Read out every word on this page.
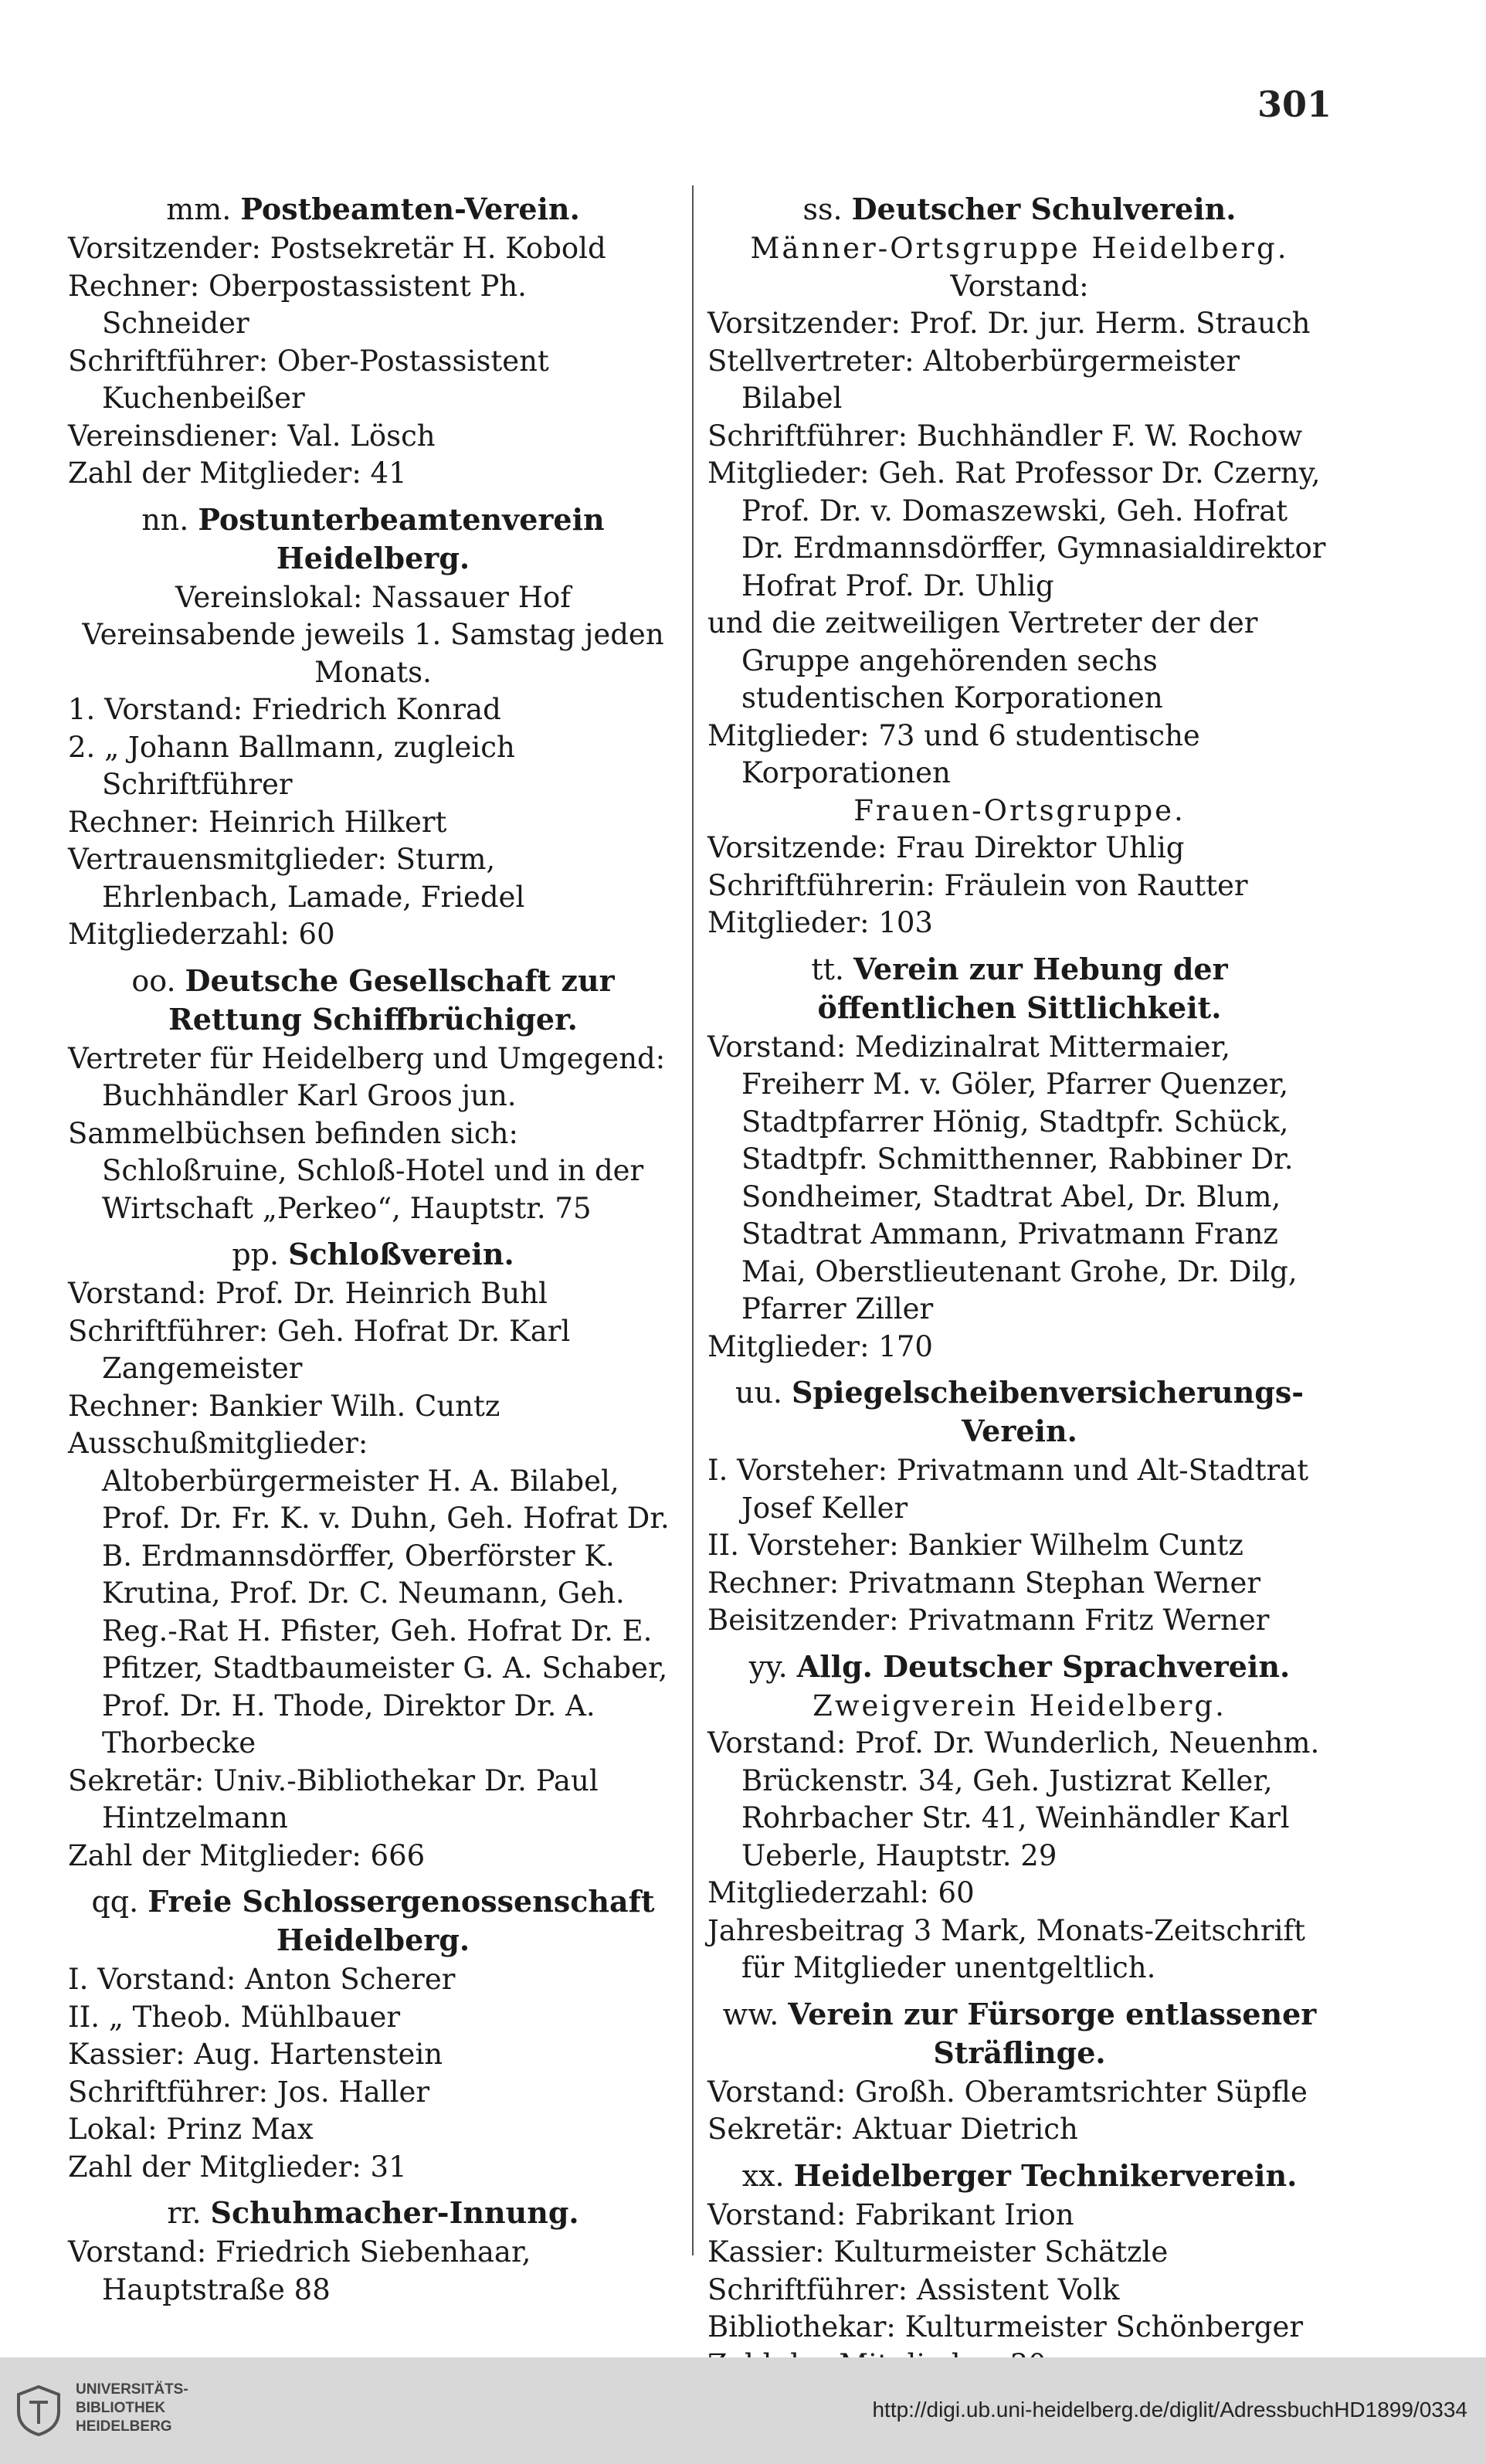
301
mm. Postbeamten-Verein.
Vorsitzender: Postsekretär H. Kobold
Rechner: Oberpostassistent Ph. Schneider
Schriftführer: Ober-Postassistent Kuchenbeißer
Vereinsdiener: Val. Lösch
Zahl der Mitglieder: 41
nn. Postunterbeamtenverein Heidelberg.
Vereinslokal: Nassauer Hof
Vereinsabende jeweils 1. Samstag jeden Monats.
1. Vorstand: Friedrich Konrad
2. „ Johann Ballmann, zugleich Schriftführer
Rechner: Heinrich Hilkert
Vertrauensmitglieder: Sturm, Ehrlenbach, Lamade, Friedel
Mitgliederzahl: 60
oo. Deutsche Gesellschaft zur Rettung Schiffbrüchiger.
Vertreter für Heidelberg und Umgegend: Buchhändler Karl Groos jun.
Sammelbüchsen befinden sich: Schloßruine, Schloß-Hotel und in der Wirtschaft „Perkeo“, Hauptstr. 75
pp. Schloßverein.
Vorstand: Prof. Dr. Heinrich Buhl
Schriftführer: Geh. Hofrat Dr. Karl Zangemeister
Rechner: Bankier Wilh. Cuntz
Ausschußmitglieder: Altoberbürgermeister H. A. Bilabel, Prof. Dr. Fr. K. v. Duhn, Geh. Hofrat Dr. B. Erdmannsdörffer, Oberförster K. Krutina, Prof. Dr. C. Neumann, Geh. Reg.-Rat H. Pfister, Geh. Hofrat Dr. E. Pfitzer, Stadtbaumeister G. A. Schaber, Prof. Dr. H. Thode, Direktor Dr. A. Thorbecke
Sekretär: Univ.-Bibliothekar Dr. Paul Hintzelmann
Zahl der Mitglieder: 666
qq. Freie Schlossergenossenschaft Heidelberg.
I. Vorstand: Anton Scherer
II. „ Theob. Mühlbauer
Kassier: Aug. Hartenstein
Schriftführer: Jos. Haller
Lokal: Prinz Max
Zahl der Mitglieder: 31
rr. Schuhmacher-Innung.
Vorstand: Friedrich Siebenhaar, Hauptstraße 88
ss. Deutscher Schulverein.
Männer-Ortsgruppe Heidelberg.
Vorstand:
Vorsitzender: Prof. Dr. jur. Herm. Strauch
Stellvertreter: Altoberbürgermeister Bilabel
Schriftführer: Buchhändler F. W. Rochow
Mitglieder: Geh. Rat Professor Dr. Czerny, Prof. Dr. v. Domaszewski, Geh. Hofrat Dr. Erdmannsdörffer, Gymnasialdirektor Hofrat Prof. Dr. Uhlig
und die zeitweiligen Vertreter der der Gruppe angehörenden sechs studentischen Korporationen
Mitglieder: 73 und 6 studentische Korporationen
Frauen-Ortsgruppe.
Vorsitzende: Frau Direktor Uhlig
Schriftführerin: Fräulein von Rautter
Mitglieder: 103
tt. Verein zur Hebung der öffentlichen Sittlichkeit.
Vorstand: Medizinalrat Mittermaier, Freiherr M. v. Göler, Pfarrer Quenzer, Stadtpfarrer Hönig, Stadtpfr. Schück, Stadtpfr. Schmitthenner, Rabbiner Dr. Sondheimer, Stadtrat Abel, Dr. Blum, Stadtrat Ammann, Privatmann Franz Mai, Oberstlieutenant Grohe, Dr. Dilg, Pfarrer Ziller
Mitglieder: 170
uu. Spiegelscheibenversicherungs-Verein.
I. Vorsteher: Privatmann und Alt-Stadtrat Josef Keller
II. Vorsteher: Bankier Wilhelm Cuntz
Rechner: Privatmann Stephan Werner
Beisitzender: Privatmann Fritz Werner
yy. Allg. Deutscher Sprachverein.
Zweigverein Heidelberg.
Vorstand: Prof. Dr. Wunderlich, Neuenhm. Brückenstr. 34, Geh. Justizrat Keller, Rohrbacher Str. 41, Weinhändler Karl Ueberle, Hauptstr. 29
Mitgliederzahl: 60
Jahresbeitrag 3 Mark, Monats-Zeitschrift für Mitglieder unentgeltlich.
ww. Verein zur Fürsorge entlassener Sträflinge.
Vorstand: Großh. Oberamtsrichter Süpfle
Sekretär: Aktuar Dietrich
xx. Heidelberger Technikerverein.
Vorstand: Fabrikant Irion
Kassier: Kulturmeister Schätzle
Schriftführer: Assistent Volk
Bibliothekar: Kulturmeister Schönberger
UNIVERSITÄTS-
BIBLIOTHEK
HEIDELBERG
http://digi.ub.uni-heidelberg.de/diglit/AdressbuchHD1899/0334
